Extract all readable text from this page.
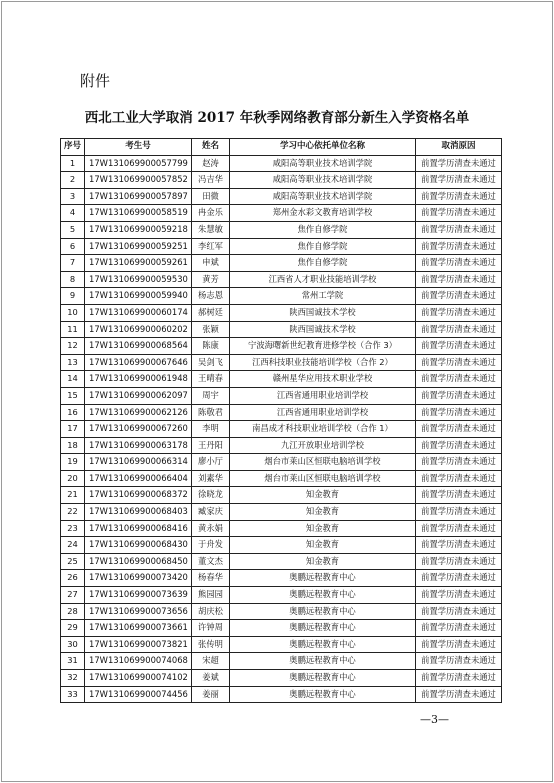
附件
西北工业大学取消 2017 年秋季网络教育部分新生入学资格名单
序号	考生号	姓名	学习中心依托单位名称	取消原因
1	17W131069900057799	赵涛	咸阳高等职业技术培训学院	前置学历清查未通过
2	17W131069900057852	冯吉华	咸阳高等职业技术培训学院	前置学历清查未通过
3	17W131069900057897	田微	咸阳高等职业技术培训学院	前置学历清查未通过
4	17W131069900058519	冉金乐	郑州金水彩文教育培训学校	前置学历清查未通过
5	17W131069900059218	朱慧敏	焦作自修学院	前置学历清查未通过
6	17W131069900059251	李红军	焦作自修学院	前置学历清查未通过
7	17W131069900059261	申斌	焦作自修学院	前置学历清查未通过
8	17W131069900059530	黄芳	江西省人才职业技能培训学校	前置学历清查未通过
9	17W131069900059940	杨志恩	常州工学院	前置学历清查未通过
10	17W131069900060174	郝树廷	陕西国诚技术学校	前置学历清查未通过
11	17W131069900060202	张颖	陕西国诚技术学校	前置学历清查未通过
12	17W131069900068564	陈康	宁波海曙新世纪教育进修学校（合作 3）	前置学历清查未通过
13	17W131069900067646	吴剑飞	江西科技职业技能培训学校（合作 2）	前置学历清查未通过
14	17W131069900061948	王晴春	赣州星华应用技术职业学校	前置学历清查未通过
15	17W131069900062097	周宇	江西省通用职业培训学校	前置学历清查未通过
16	17W131069900062126	陈敬君	江西省通用职业培训学校	前置学历清查未通过
17	17W131069900067260	李明	南昌成才科技职业培训学校（合作 1）	前置学历清查未通过
18	17W131069900063178	王丹阳	九江开放职业培训学校	前置学历清查未通过
19	17W131069900066314	廖小厅	烟台市莱山区恒联电脑培训学校	前置学历清查未通过
20	17W131069900066404	刘素华	烟台市莱山区恒联电脑培训学校	前置学历清查未通过
21	17W131069900068372	徐晓龙	知金教育	前置学历清查未通过
22	17W131069900068403	臧家庆	知金教育	前置学历清查未通过
23	17W131069900068416	黄永娟	知金教育	前置学历清查未通过
24	17W131069900068430	于舟发	知金教育	前置学历清查未通过
25	17W131069900068450	董文杰	知金教育	前置学历清查未通过
26	17W131069900073420	杨春华	奥鹏远程教育中心	前置学历清查未通过
27	17W131069900073639	熊园园	奥鹏远程教育中心	前置学历清查未通过
28	17W131069900073656	胡庆松	奥鹏远程教育中心	前置学历清查未通过
29	17W131069900073661	许钟周	奥鹏远程教育中心	前置学历清查未通过
30	17W131069900073821	张传明	奥鹏远程教育中心	前置学历清查未通过
31	17W131069900074068	宋超	奥鹏远程教育中心	前置学历清查未通过
32	17W131069900074102	姜斌	奥鹏远程教育中心	前置学历清查未通过
33	17W131069900074456	姜丽	奥鹏远程教育中心	前置学历清查未通过
—3—
